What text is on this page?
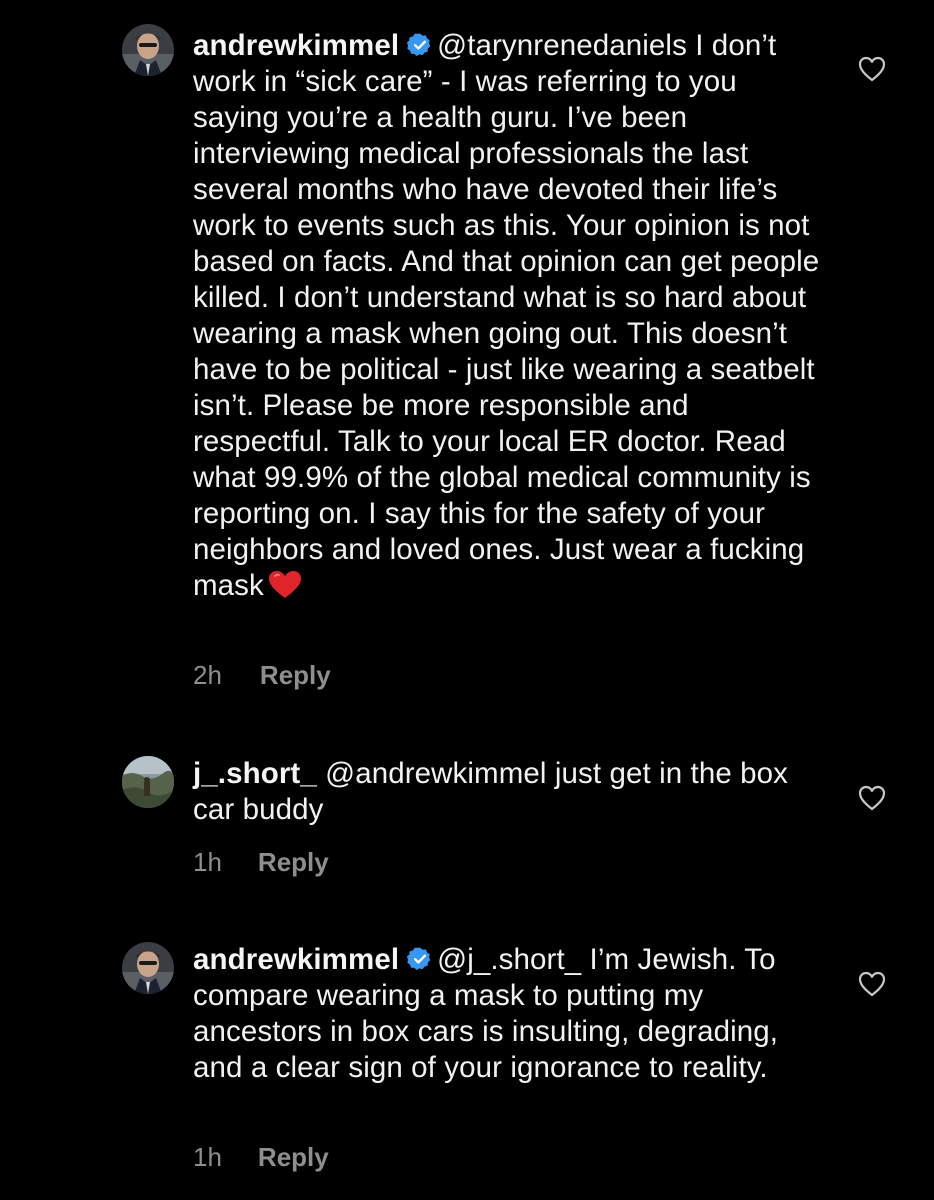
andrewkimmel @tarynrenedaniels I don’t work in “sick care” - I was referring to you saying you’re a health guru. I’ve been interviewing medical professionals the last several months who have devoted their life’s work to events such as this. Your opinion is not based on facts. And that opinion can get people killed. I don’t understand what is so hard about wearing a mask when going out. This doesn’t have to be political - just like wearing a seatbelt isn’t. Please be more responsible and respectful. Talk to your local ER doctor. Read what 99.9% of the global medical community is reporting on. I say this for the safety of your neighbors and loved ones. Just wear a fucking mask
2h Reply
j_.short_ @andrewkimmel just get in the box car buddy
1h Reply
andrewkimmel @j_.short_ I’m Jewish. To compare wearing a mask to putting my ancestors in box cars is insulting, degrading, and a clear sign of your ignorance to reality.
1h Reply
